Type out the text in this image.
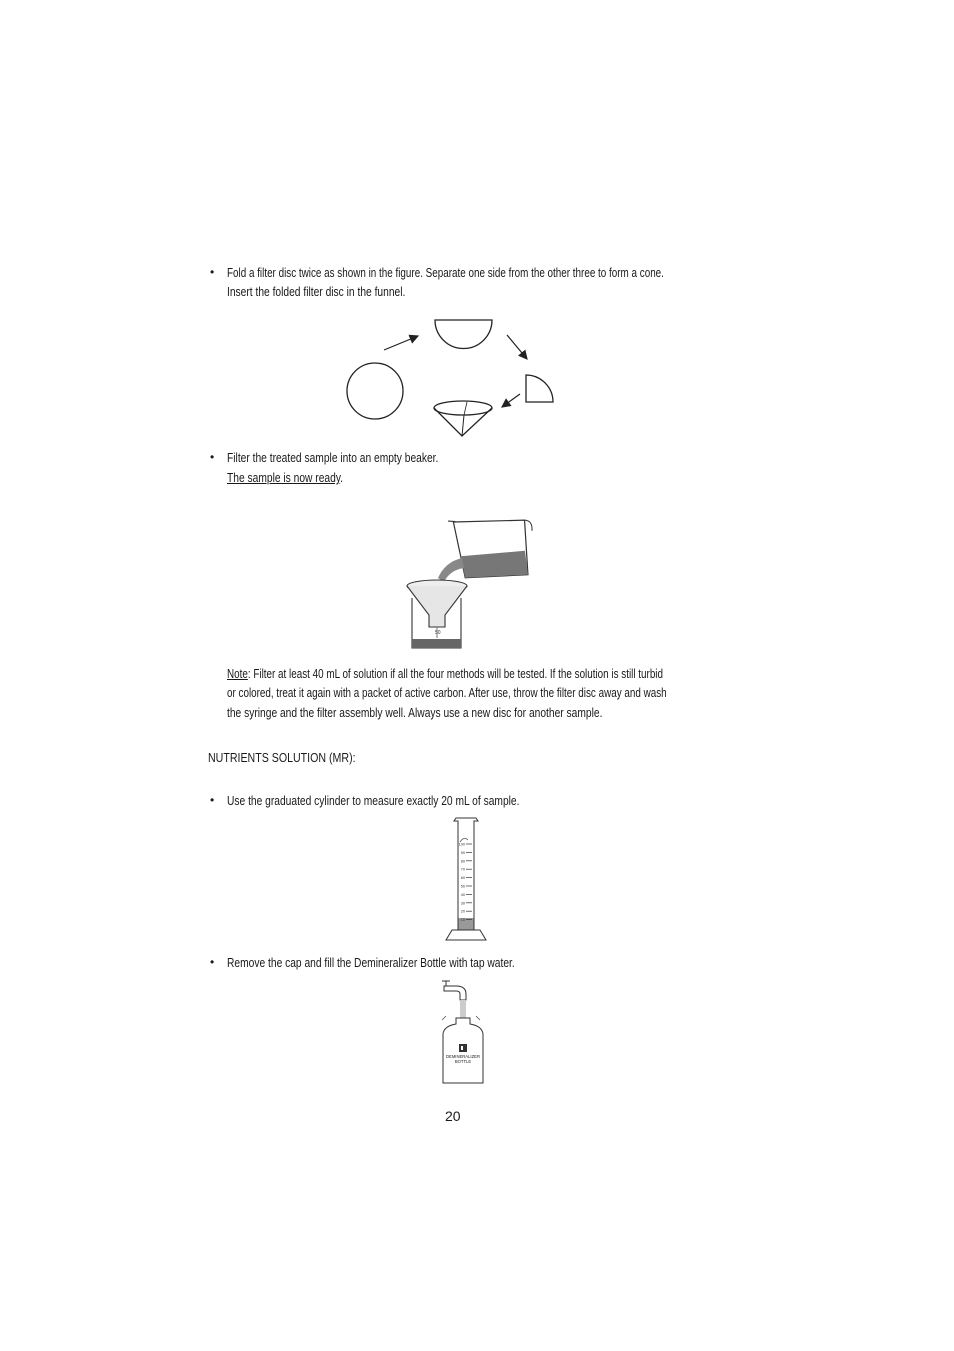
• Fold a filter disc twice as shown in the figure. Separate one side from the other three to form a cone.
Insert the folded filter disc in the funnel.
• Filter the treated sample into an empty beaker.
The sample is now ready.
50
Note: Filter at least 40 mL of solution if all the four methods will be tested. If the solution is still turbid
or colored, treat it again with a packet of active carbon. After use, throw the filter disc away and wash
the syringe and the filter assembly well. Always use a new disc for another sample.
NUTRIENTS SOLUTION (MR):
• Use the graduated cylinder to measure exactly 20 mL of sample.
100
90
80
70
60
50
40
30
20
10
• Remove the cap and fill the Demineralizer Bottle with tap water.
DEMINERALIZER
BOTTLE
20
